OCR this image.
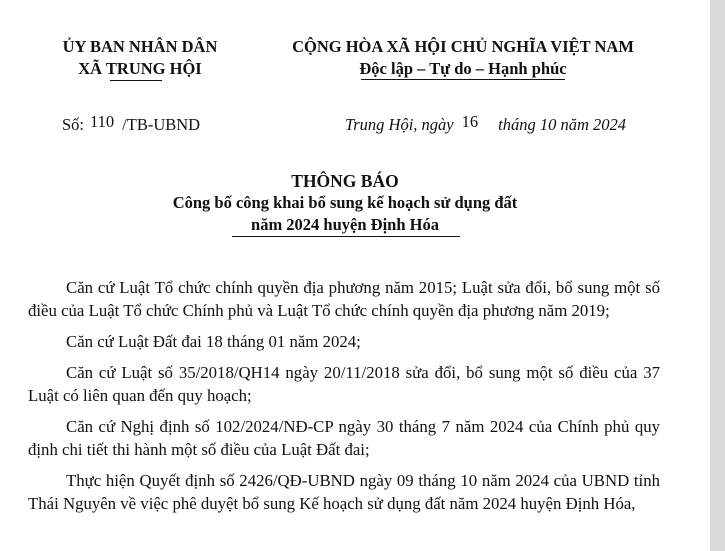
ỦY BAN NHÂN DÂN
XÃ TRUNG HỘI
CỘNG HÒA XÃ HỘI CHỦ NGHĨA VIỆT NAM
Độc lập – Tự do – Hạnh phúc
Số: 110 /TB-UBND	Trung Hội, ngày 16 tháng 10 năm 2024
THÔNG BÁO
Công bố công khai bổ sung kế hoạch sử dụng đất
năm 2024 huyện Định Hóa

Căn cứ Luật Tổ chức chính quyền địa phương năm 2015; Luật sửa đổi, bổ sung một số điều của Luật Tổ chức Chính phủ và Luật Tổ chức chính quyền địa phương năm 2019;

Căn cứ Luật Đất đai 18 tháng 01 năm 2024;

Căn cứ Luật số 35/2018/QH14 ngày 20/11/2018 sửa đổi, bổ sung một số điều của 37 Luật có liên quan đến quy hoạch;

Căn cứ Nghị định số 102/2024/NĐ-CP ngày 30 tháng 7 năm 2024 của Chính phủ quy định chi tiết thi hành một số điều của Luật Đất đai;

Thực hiện Quyết định số 2426/QĐ-UBND ngày 09 tháng 10 năm 2024 của UBND tỉnh Thái Nguyên về việc phê duyệt bổ sung Kế hoạch sử dụng đất năm 2024 huyện Định Hóa,
